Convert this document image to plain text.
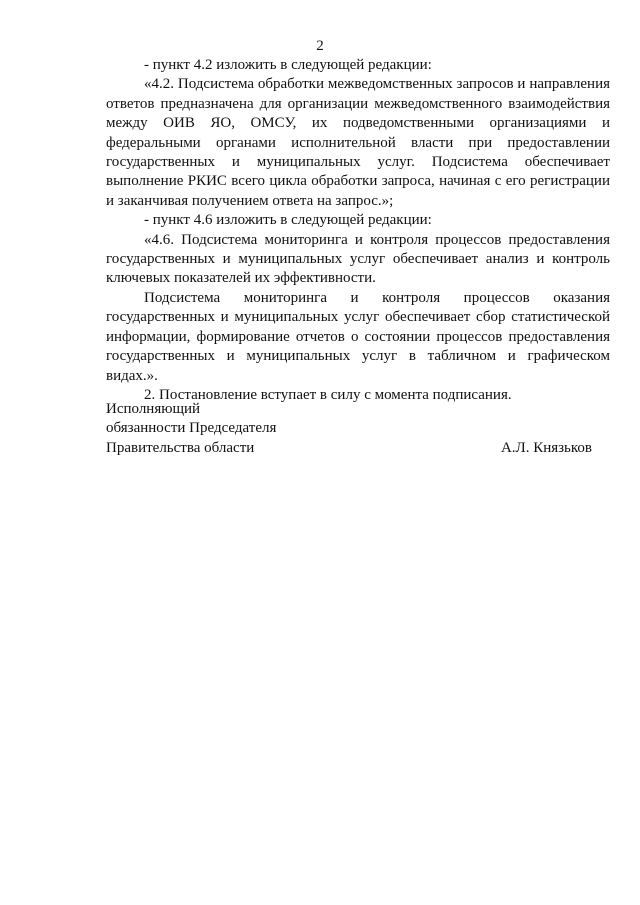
2

- пункт 4.2 изложить в следующей редакции:

«4.2. Подсистема обработки межведомственных запросов и направления ответов предназначена для организации межведомственного взаимодействия между ОИВ ЯО, ОМСУ, их подведомственными организациями и федеральными органами исполнительной власти при предоставлении государственных и муниципальных услуг. Подсистема обеспечивает выполнение РКИС всего цикла обработки запроса, начиная с его регистрации и заканчивая получением ответа на запрос.»;

- пункт 4.6 изложить в следующей редакции:

«4.6. Подсистема мониторинга и контроля процессов предоставления государственных и муниципальных услуг обеспечивает анализ и контроль ключевых показателей их эффективности.

Подсистема мониторинга и контроля процессов оказания государственных и муниципальных услуг обеспечивает сбор статистической информации, формирование отчетов о состоянии процессов предоставления государственных и муниципальных услуг в табличном и графическом видах.».

2. Постановление вступает в силу с момента подписания.

Исполняющий
обязанности Председателя
Правительства области	А.Л. Князьков
